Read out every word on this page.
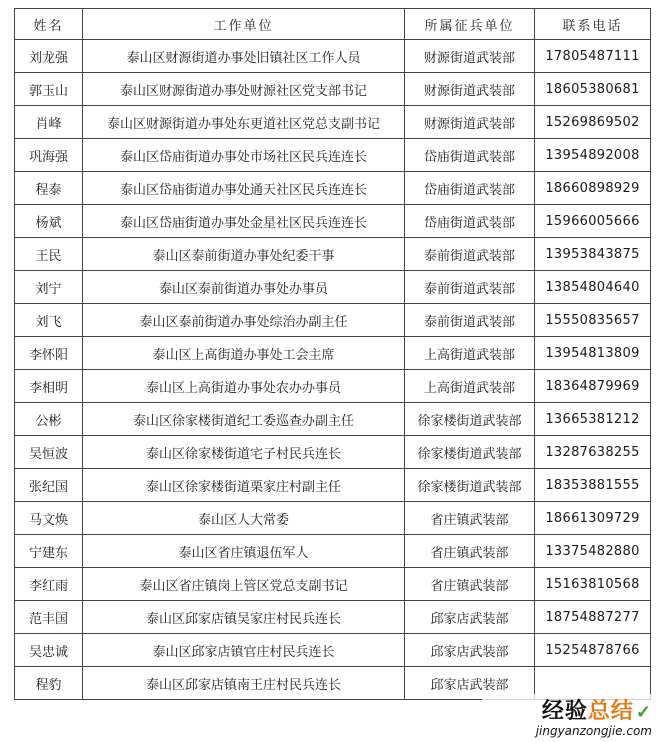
姓名	工作单位	所属征兵单位	联系电话
刘龙强	泰山区财源街道办事处旧镇社区工作人员	财源街道武装部	17805487111
郭玉山	泰山区财源街道办事处财源社区党支部书记	财源街道武装部	18605380681
肖峰	泰山区财源街道办事处东更道社区党总支副书记	财源街道武装部	15269869502
巩海强	泰山区岱庙街道办事处市场社区民兵连连长	岱庙街道武装部	13954892008
程泰	泰山区岱庙街道办事处通天社区民兵连连长	岱庙街道武装部	18660898929
杨斌	泰山区岱庙街道办事处金星社区民兵连连长	岱庙街道武装部	15966005666
王民	泰山区泰前街道办事处纪委干事	泰前街道武装部	13953843875
刘宁	泰山区泰前街道办事处办事员	泰前街道武装部	13854804640
刘飞	泰山区泰前街道办事处综治办副主任	泰前街道武装部	15550835657
李怀阳	泰山区上高街道办事处工会主席	上高街道武装部	13954813809
李相明	泰山区上高街道办事处农办办事员	上高街道武装部	18364879969
公彬	泰山区徐家楼街道纪工委巡查办副主任	徐家楼街道武装部	13665381212
吴恒波	泰山区徐家楼街道宅子村民兵连长	徐家楼街道武装部	13287638255
张纪国	泰山区徐家楼街道栗家庄村副主任	徐家楼街道武装部	18353881555
马文焕	泰山区人大常委	省庄镇武装部	18661309729
宁建东	泰山区省庄镇退伍军人	省庄镇武装部	13375482880
李红雨	泰山区省庄镇岗上管区党总支副书记	省庄镇武装部	15163810568
范丰国	泰山区邱家店镇吴家庄村民兵连长	邱家店武装部	18754887277
吴忠诚	泰山区邱家店镇官庄村民兵连长	邱家店武装部	15254878766
程豹	泰山区邱家店镇南王庄村民兵连长	邱家店武装部	
经验总结 ✓
jingyanzongjie.com
